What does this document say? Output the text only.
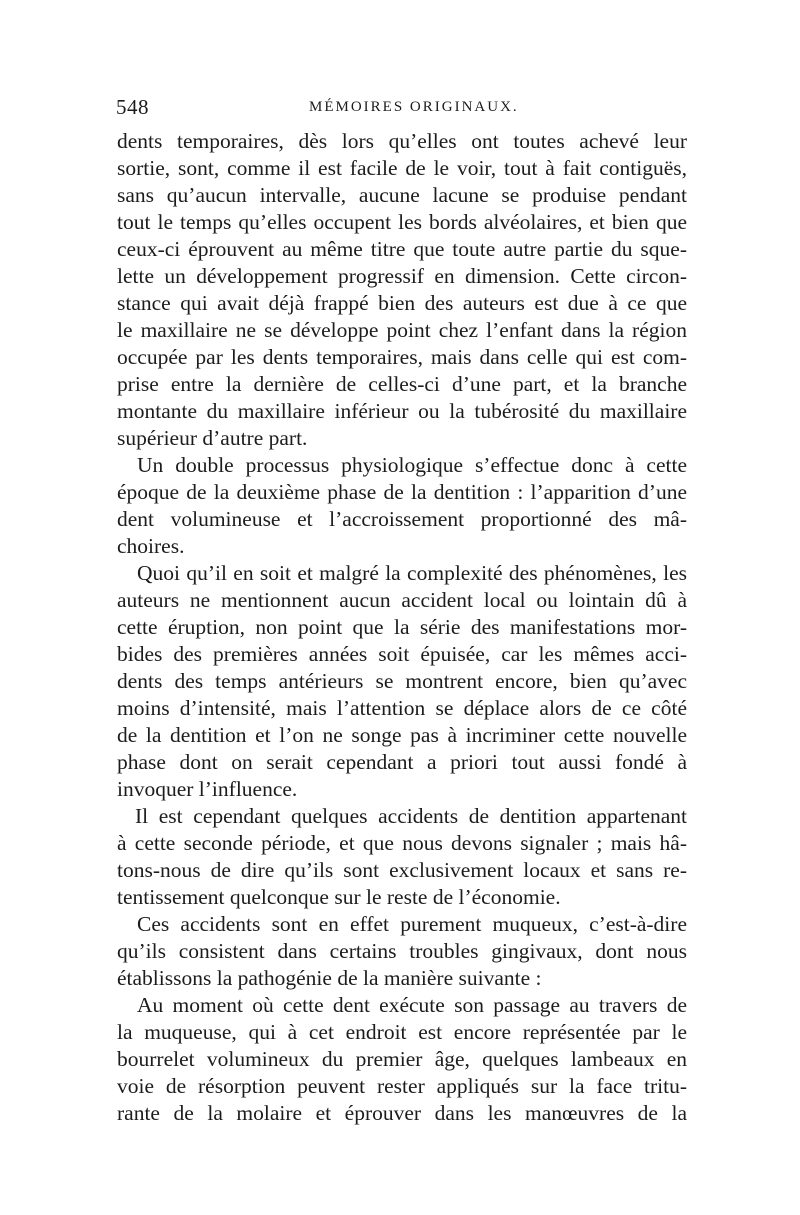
548	MÉMOIRES ORIGINAUX.
dents temporaires, dès lors qu’elles ont toutes achevé leur
sortie, sont, comme il est facile de le voir, tout à fait contiguës,
sans qu’aucun intervalle, aucune lacune se produise pendant
tout le temps qu’elles occupent les bords alvéolaires, et bien que
ceux-ci éprouvent au même titre que toute autre partie du sque-
lette un développement progressif en dimension. Cette circon-
stance qui avait déjà frappé bien des auteurs est due à ce que
le maxillaire ne se développe point chez l’enfant dans la région
occupée par les dents temporaires, mais dans celle qui est com-
prise entre la dernière de celles-ci d’une part, et la branche
montante du maxillaire inférieur ou la tubérosité du maxillaire
supérieur d’autre part.
Un double processus physiologique s’effectue donc à cette
époque de la deuxième phase de la dentition : l’apparition d’une
dent volumineuse et l’accroissement proportionné des mâ-
choires.
Quoi qu’il en soit et malgré la complexité des phénomènes, les
auteurs ne mentionnent aucun accident local ou lointain dû à
cette éruption, non point que la série des manifestations mor-
bides des premières années soit épuisée, car les mêmes acci-
dents des temps antérieurs se montrent encore, bien qu’avec
moins d’intensité, mais l’attention se déplace alors de ce côté
de la dentition et l’on ne songe pas à incriminer cette nouvelle
phase dont on serait cependant a priori tout aussi fondé à
invoquer l’influence.
Il est cependant quelques accidents de dentition appartenant
à cette seconde période, et que nous devons signaler ; mais hâ-
tons-nous de dire qu’ils sont exclusivement locaux et sans re-
tentissement quelconque sur le reste de l’économie.
Ces accidents sont en effet purement muqueux, c’est-à-dire
qu’ils consistent dans certains troubles gingivaux, dont nous
établissons la pathogénie de la manière suivante :
Au moment où cette dent exécute son passage au travers de
la muqueuse, qui à cet endroit est encore représentée par le
bourrelet volumineux du premier âge, quelques lambeaux en
voie de résorption peuvent rester appliqués sur la face tritu-
rante de la molaire et éprouver dans les manœuvres de la
